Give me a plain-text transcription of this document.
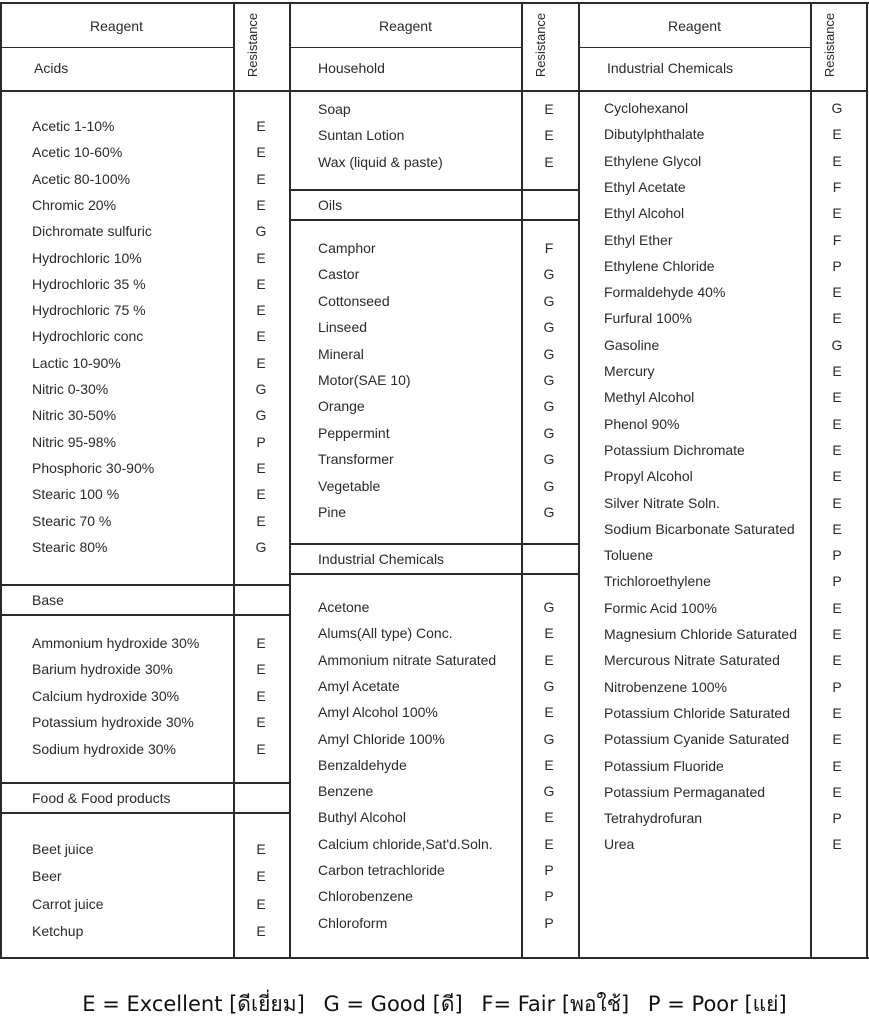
Reagent	Resistance
Acids
Acetic 1-10%	E
Acetic 10-60%	E
Acetic 80-100%	E
Chromic 20%	E
Dichromate sulfuric	G
Hydrochloric 10%	E
Hydrochloric 35 %	E
Hydrochloric 75 %	E
Hydrochloric conc	E
Lactic 10-90%	E
Nitric 0-30%	G
Nitric 30-50%	G
Nitric 95-98%	P
Phosphoric 30-90%	E
Stearic 100 %	E
Stearic 70 %	E
Stearic 80%	G
Base
Ammonium hydroxide 30%	E
Barium hydroxide 30%	E
Calcium hydroxide 30%	E
Potassium hydroxide 30%	E
Sodium hydroxide 30%	E
Food & Food products
Beet juice	E
Beer	E
Carrot juice	E
Ketchup	E
Reagent	Resistance
Household
Soap	E
Suntan Lotion	E
Wax (liquid & paste)	E
Oils
Camphor	F
Castor	G
Cottonseed	G
Linseed	G
Mineral	G
Motor(SAE 10)	G
Orange	G
Peppermint	G
Transformer	G
Vegetable	G
Pine	G
Industrial Chemicals
Acetone	G
Alums(All type) Conc.	E
Ammonium nitrate Saturated	E
Amyl Acetate	G
Amyl Alcohol 100%	E
Amyl Chloride 100%	G
Benzaldehyde	E
Benzene	G
Buthyl Alcohol	E
Calcium chloride,Sat'd.Soln.	E
Carbon tetrachloride	P
Chlorobenzene	P
Chloroform	P
Reagent	Resistance
Industrial Chemicals
Cyclohexanol	G
Dibutylphthalate	E
Ethylene Glycol	E
Ethyl Acetate	F
Ethyl Alcohol	E
Ethyl Ether	F
Ethylene Chloride	P
Formaldehyde 40%	E
Furfural 100%	E
Gasoline	G
Mercury	E
Methyl Alcohol	E
Phenol 90%	E
Potassium Dichromate	E
Propyl Alcohol	E
Silver Nitrate Soln.	E
Sodium Bicarbonate Saturated	E
Toluene	P
Trichloroethylene	P
Formic Acid 100%	E
Magnesium Chloride Saturated	E
Mercurous Nitrate Saturated	E
Nitrobenzene 100%	P
Potassium Chloride Saturated	E
Potassium Cyanide Saturated	E
Potassium Fluoride	E
Potassium Permaganated	E
Tetrahydrofuran	P
Urea	E
E = Excellent [ดีเยี่ยม] G = Good [ดี] F= Fair [พอใช้] P = Poor [แย่]
